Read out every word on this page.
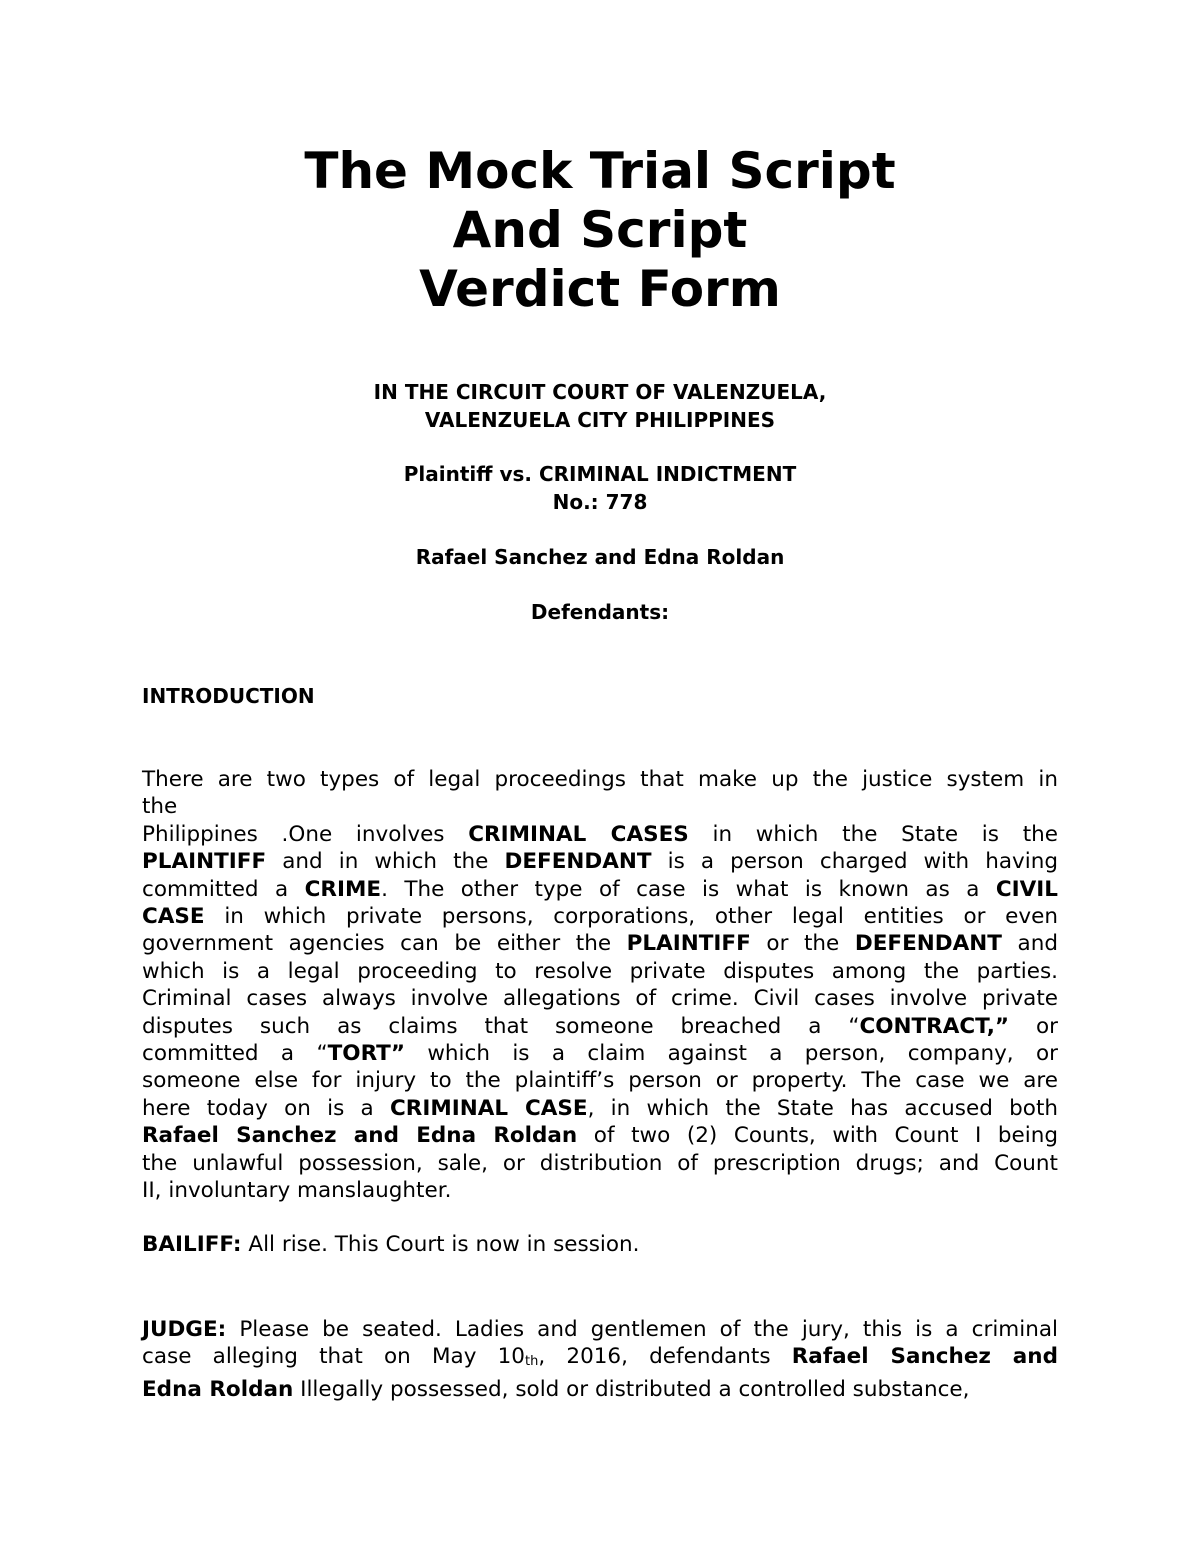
The Mock Trial Script
And Script
Verdict Form
IN THE CIRCUIT COURT OF VALENZUELA,
VALENZUELA CITY PHILIPPINES
Plaintiff vs. CRIMINAL INDICTMENT
No.: 778
Rafael Sanchez and Edna Roldan
Defendants:
INTRODUCTION
There are two types of legal proceedings that make up the justice system in
the
Philippines .One involves CRIMINAL CASES in which the State is the
PLAINTIFF and in which the DEFENDANT is a person charged with having
committed a CRIME. The other type of case is what is known as a CIVIL
CASE in which private persons, corporations, other legal entities or even
government agencies can be either the PLAINTIFF or the DEFENDANT and
which is a legal proceeding to resolve private disputes among the parties.
Criminal cases always involve allegations of crime. Civil cases involve private
disputes such as claims that someone breached a “CONTRACT,” or
committed a “TORT” which is a claim against a person, company, or
someone else for injury to the plaintiff’s person or property. The case we are
here today on is a CRIMINAL CASE, in which the State has accused both
Rafael Sanchez and Edna Roldan of two (2) Counts, with Count I being
the unlawful possession, sale, or distribution of prescription drugs; and Count
II, involuntary manslaughter.
BAILIFF: All rise. This Court is now in session.
JUDGE: Please be seated. Ladies and gentlemen of the jury, this is a criminal
case alleging that on May $10_{th}$, 2016, defendants Rafael Sanchez and
Edna Roldan Illegally possessed, sold or distributed a controlled substance,
